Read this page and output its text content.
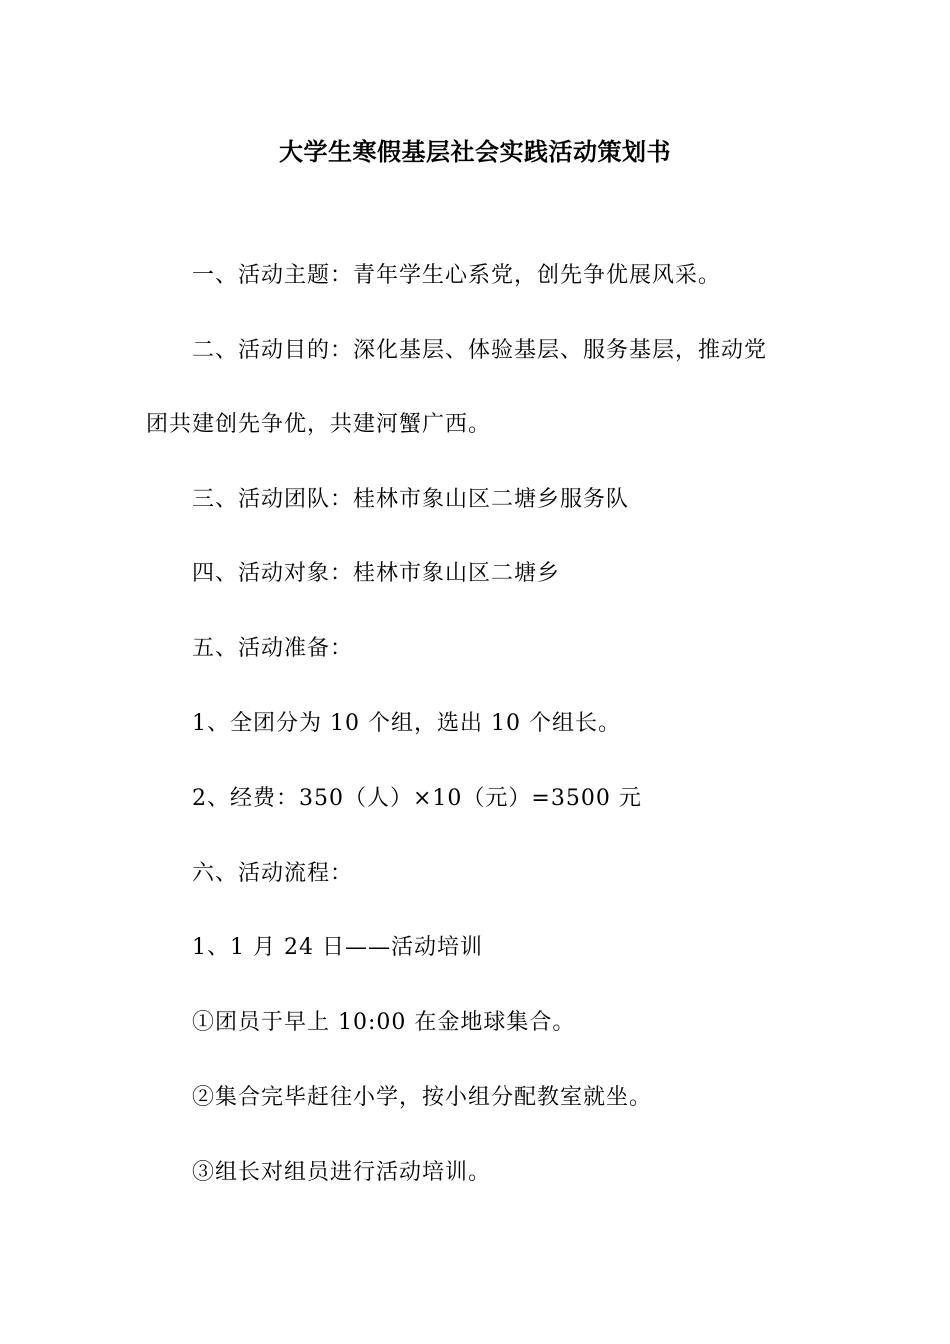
大学生寒假基层社会实践活动策划书
一、活动主题：青年学生心系党，创先争优展风采。
二、活动目的：深化基层、体验基层、服务基层，推动党
团共建创先争优，共建河蟹广西。
三、活动团队：桂林市象山区二塘乡服务队
四、活动对象：桂林市象山区二塘乡
五、活动准备：
1、全团分为 10 个组，选出 10 个组长。
2、经费：350（人）×10（元）=3500 元
六、活动流程：
1、1 月 24 日——活动培训
①团员于早上 10:00 在金地球集合。
②集合完毕赶往小学，按小组分配教室就坐。
③组长对组员进行活动培训。
